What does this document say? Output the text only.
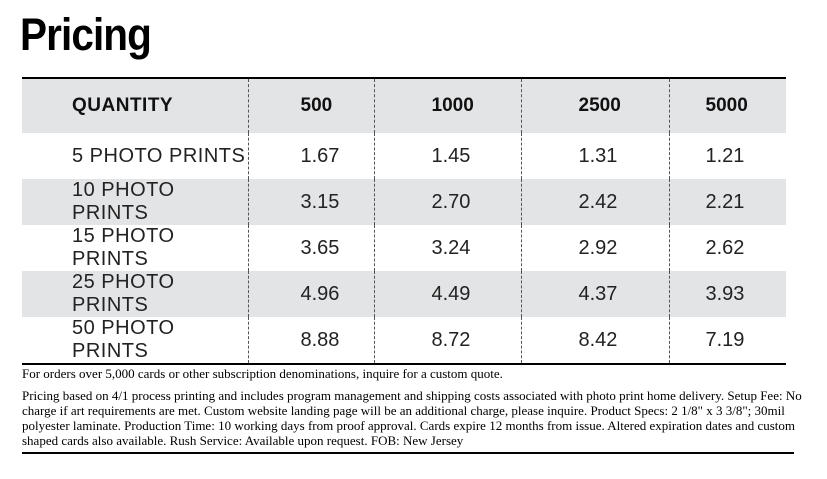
Pricing
QUANTITY	500	1000	2500	5000
5 PHOTO PRINTS	1.67	1.45	1.31	1.21
10 PHOTO PRINTS	3.15	2.70	2.42	2.21
15 PHOTO PRINTS	3.65	3.24	2.92	2.62
25 PHOTO PRINTS	4.96	4.49	4.37	3.93
50 PHOTO PRINTS	8.88	8.72	8.42	7.19

For orders over 5,000 cards or other subscription denominations, inquire for a custom quote.

Pricing based on 4/1 process printing and includes program management and shipping costs associated with photo print home delivery. Setup Fee: No charge if art requirements are met. Custom website landing page will be an additional charge, please inquire. Product Specs: 2 1/8" x 3 3/8"; 30mil polyester laminate. Production Time: 10 working days from proof approval. Cards expire 12 months from issue. Altered expiration dates and custom shaped cards also available. Rush Service: Available upon request. FOB: New Jersey
